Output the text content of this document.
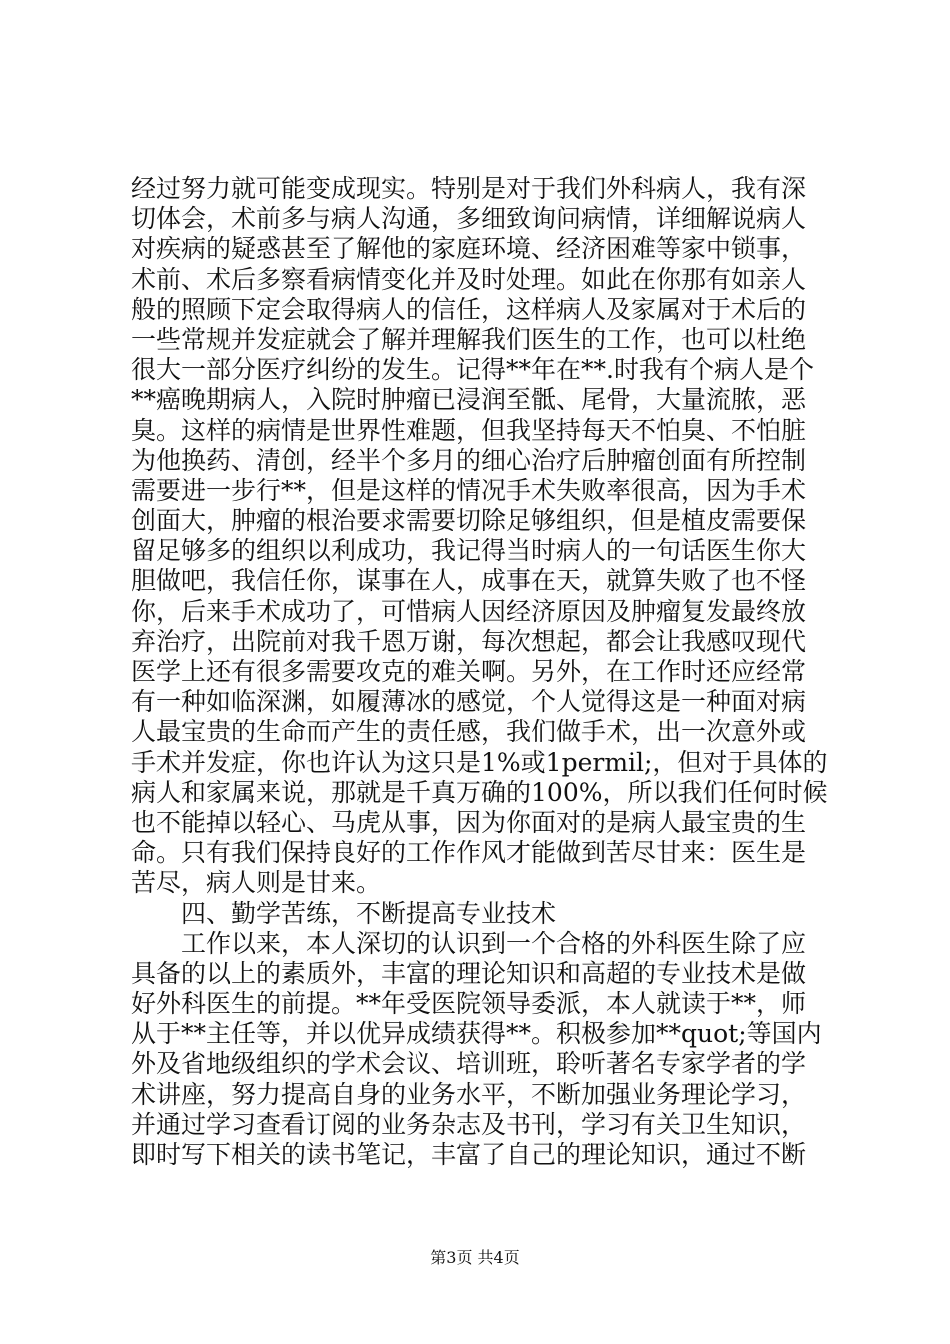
经过努力就可能变成现实。特别是对于我们外科病人，我有深
切体会，术前多与病人沟通，多细致询问病情，详细解说病人
对疾病的疑惑甚至了解他的家庭环境、经济困难等家中锁事，
术前、术后多察看病情变化并及时处理。如此在你那有如亲人
般的照顾下定会取得病人的信任，这样病人及家属对于术后的
一些常规并发症就会了解并理解我们医生的工作，也可以杜绝
很大一部分医疗纠纷的发生。记得**年在**.时我有个病人是个
**癌晚期病人，入院时肿瘤已浸润至骶、尾骨，大量流脓，恶
臭。这样的病情是世界性难题，但我坚持每天不怕臭、不怕脏
为他换药、清创，经半个多月的细心治疗后肿瘤创面有所控制
需要进一步行**，但是这样的情况手术失败率很高，因为手术
创面大，肿瘤的根治要求需要切除足够组织，但是植皮需要保
留足够多的组织以利成功，我记得当时病人的一句话医生你大
胆做吧，我信任你，谋事在人，成事在天，就算失败了也不怪
你，后来手术成功了，可惜病人因经济原因及肿瘤复发最终放
弃治疗，出院前对我千恩万谢，每次想起，都会让我感叹现代
医学上还有很多需要攻克的难关啊。另外，在工作时还应经常
有一种如临深渊，如履薄冰的感觉，个人觉得这是一种面对病
人最宝贵的生命而产生的责任感，我们做手术，出一次意外或
手术并发症，你也许认为这只是1%或1permil;，但对于具体的
病人和家属来说，那就是千真万确的100%，所以我们任何时候
也不能掉以轻心、马虎从事，因为你面对的是病人最宝贵的生
命。只有我们保持良好的工作作风才能做到苦尽甘来：医生是
苦尽，病人则是甘来。
四、勤学苦练，不断提高专业技术
工作以来，本人深切的认识到一个合格的外科医生除了应
具备的以上的素质外，丰富的理论知识和高超的专业技术是做
好外科医生的前提。**年受医院领导委派，本人就读于**，师
从于**主任等，并以优异成绩获得**。积极参加**quot;等国内
外及省地级组织的学术会议、培训班，聆听著名专家学者的学
术讲座，努力提高自身的业务水平，不断加强业务理论学习，
并通过学习查看订阅的业务杂志及书刊，学习有关卫生知识，
即时写下相关的读书笔记，丰富了自己的理论知识，通过不断
第3页 共4页
